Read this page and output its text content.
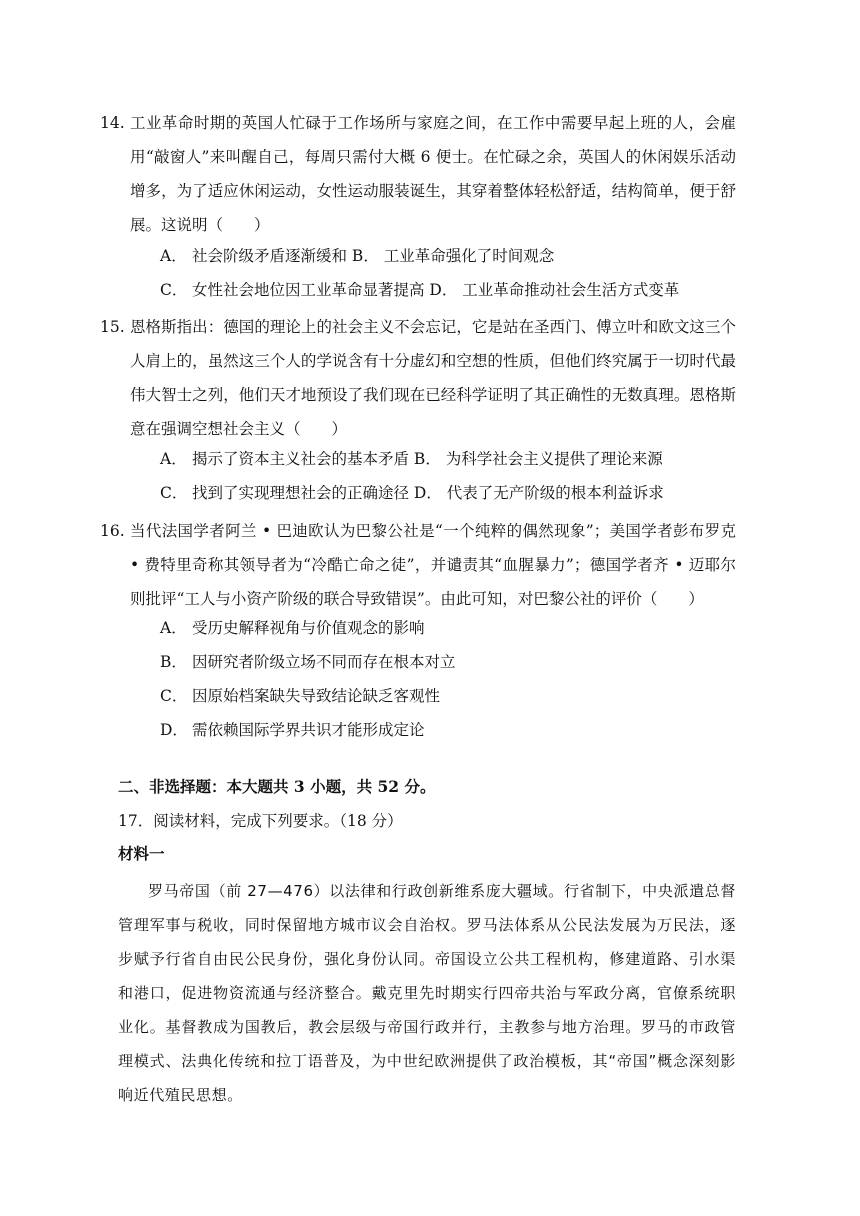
14. 工业革命时期的英国人忙碌于工作场所与家庭之间，在工作中需要早起上班的人，会雇用“敲窗人”来叫醒自己，每周只需付大概 6 便士。在忙碌之余，英国人的休闲娱乐活动增多，为了适应休闲运动，女性运动服装诞生，其穿着整体轻松舒适，结构简单，便于舒展。这说明（　　）
A． 社会阶级矛盾逐渐缓和 B． 工业革命强化了时间观念
C． 女性社会地位因工业革命显著提高 D． 工业革命推动社会生活方式变革
15. 恩格斯指出：德国的理论上的社会主义不会忘记，它是站在圣西门、傅立叶和欧文这三个人肩上的，虽然这三个人的学说含有十分虚幻和空想的性质，但他们终究属于一切时代最伟大智士之列，他们天才地预设了我们现在已经科学证明了其正确性的无数真理。恩格斯意在强调空想社会主义（　　）
A． 揭示了资本主义社会的基本矛盾 B． 为科学社会主义提供了理论来源
C． 找到了实现理想社会的正确途径 D． 代表了无产阶级的根本利益诉求
16. 当代法国学者阿兰 • 巴迪欧认为巴黎公社是“一个纯粹的偶然现象”；美国学者彭布罗克 • 费特里奇称其领导者为“冷酷亡命之徒”，并谴责其“血腥暴力”；德国学者齐 • 迈耶尔则批评“工人与小资产阶级的联合导致错误”。由此可知，对巴黎公社的评价（　　）
A． 受历史解释视角与价值观念的影响
B． 因研究者阶级立场不同而存在根本对立
C． 因原始档案缺失导致结论缺乏客观性
D． 需依赖国际学界共识才能形成定论
二、非选择题：本大题共 3 小题，共 52 分。
17．阅读材料，完成下列要求。（18 分）
材料一
罗马帝国（前 27—476）以法律和行政创新维系庞大疆域。行省制下，中央派遣总督管理军事与税收，同时保留地方城市议会自治权。罗马法体系从公民法发展为万民法，逐步赋予行省自由民公民身份，强化身份认同。帝国设立公共工程机构，修建道路、引水渠和港口，促进物资流通与经济整合。戴克里先时期实行四帝共治与军政分离，官僚系统职业化。基督教成为国教后，教会层级与帝国行政并行，主教参与地方治理。罗马的市政管理模式、法典化传统和拉丁语普及，为中世纪欧洲提供了政治模板，其“帝国”概念深刻影响近代殖民思想。
